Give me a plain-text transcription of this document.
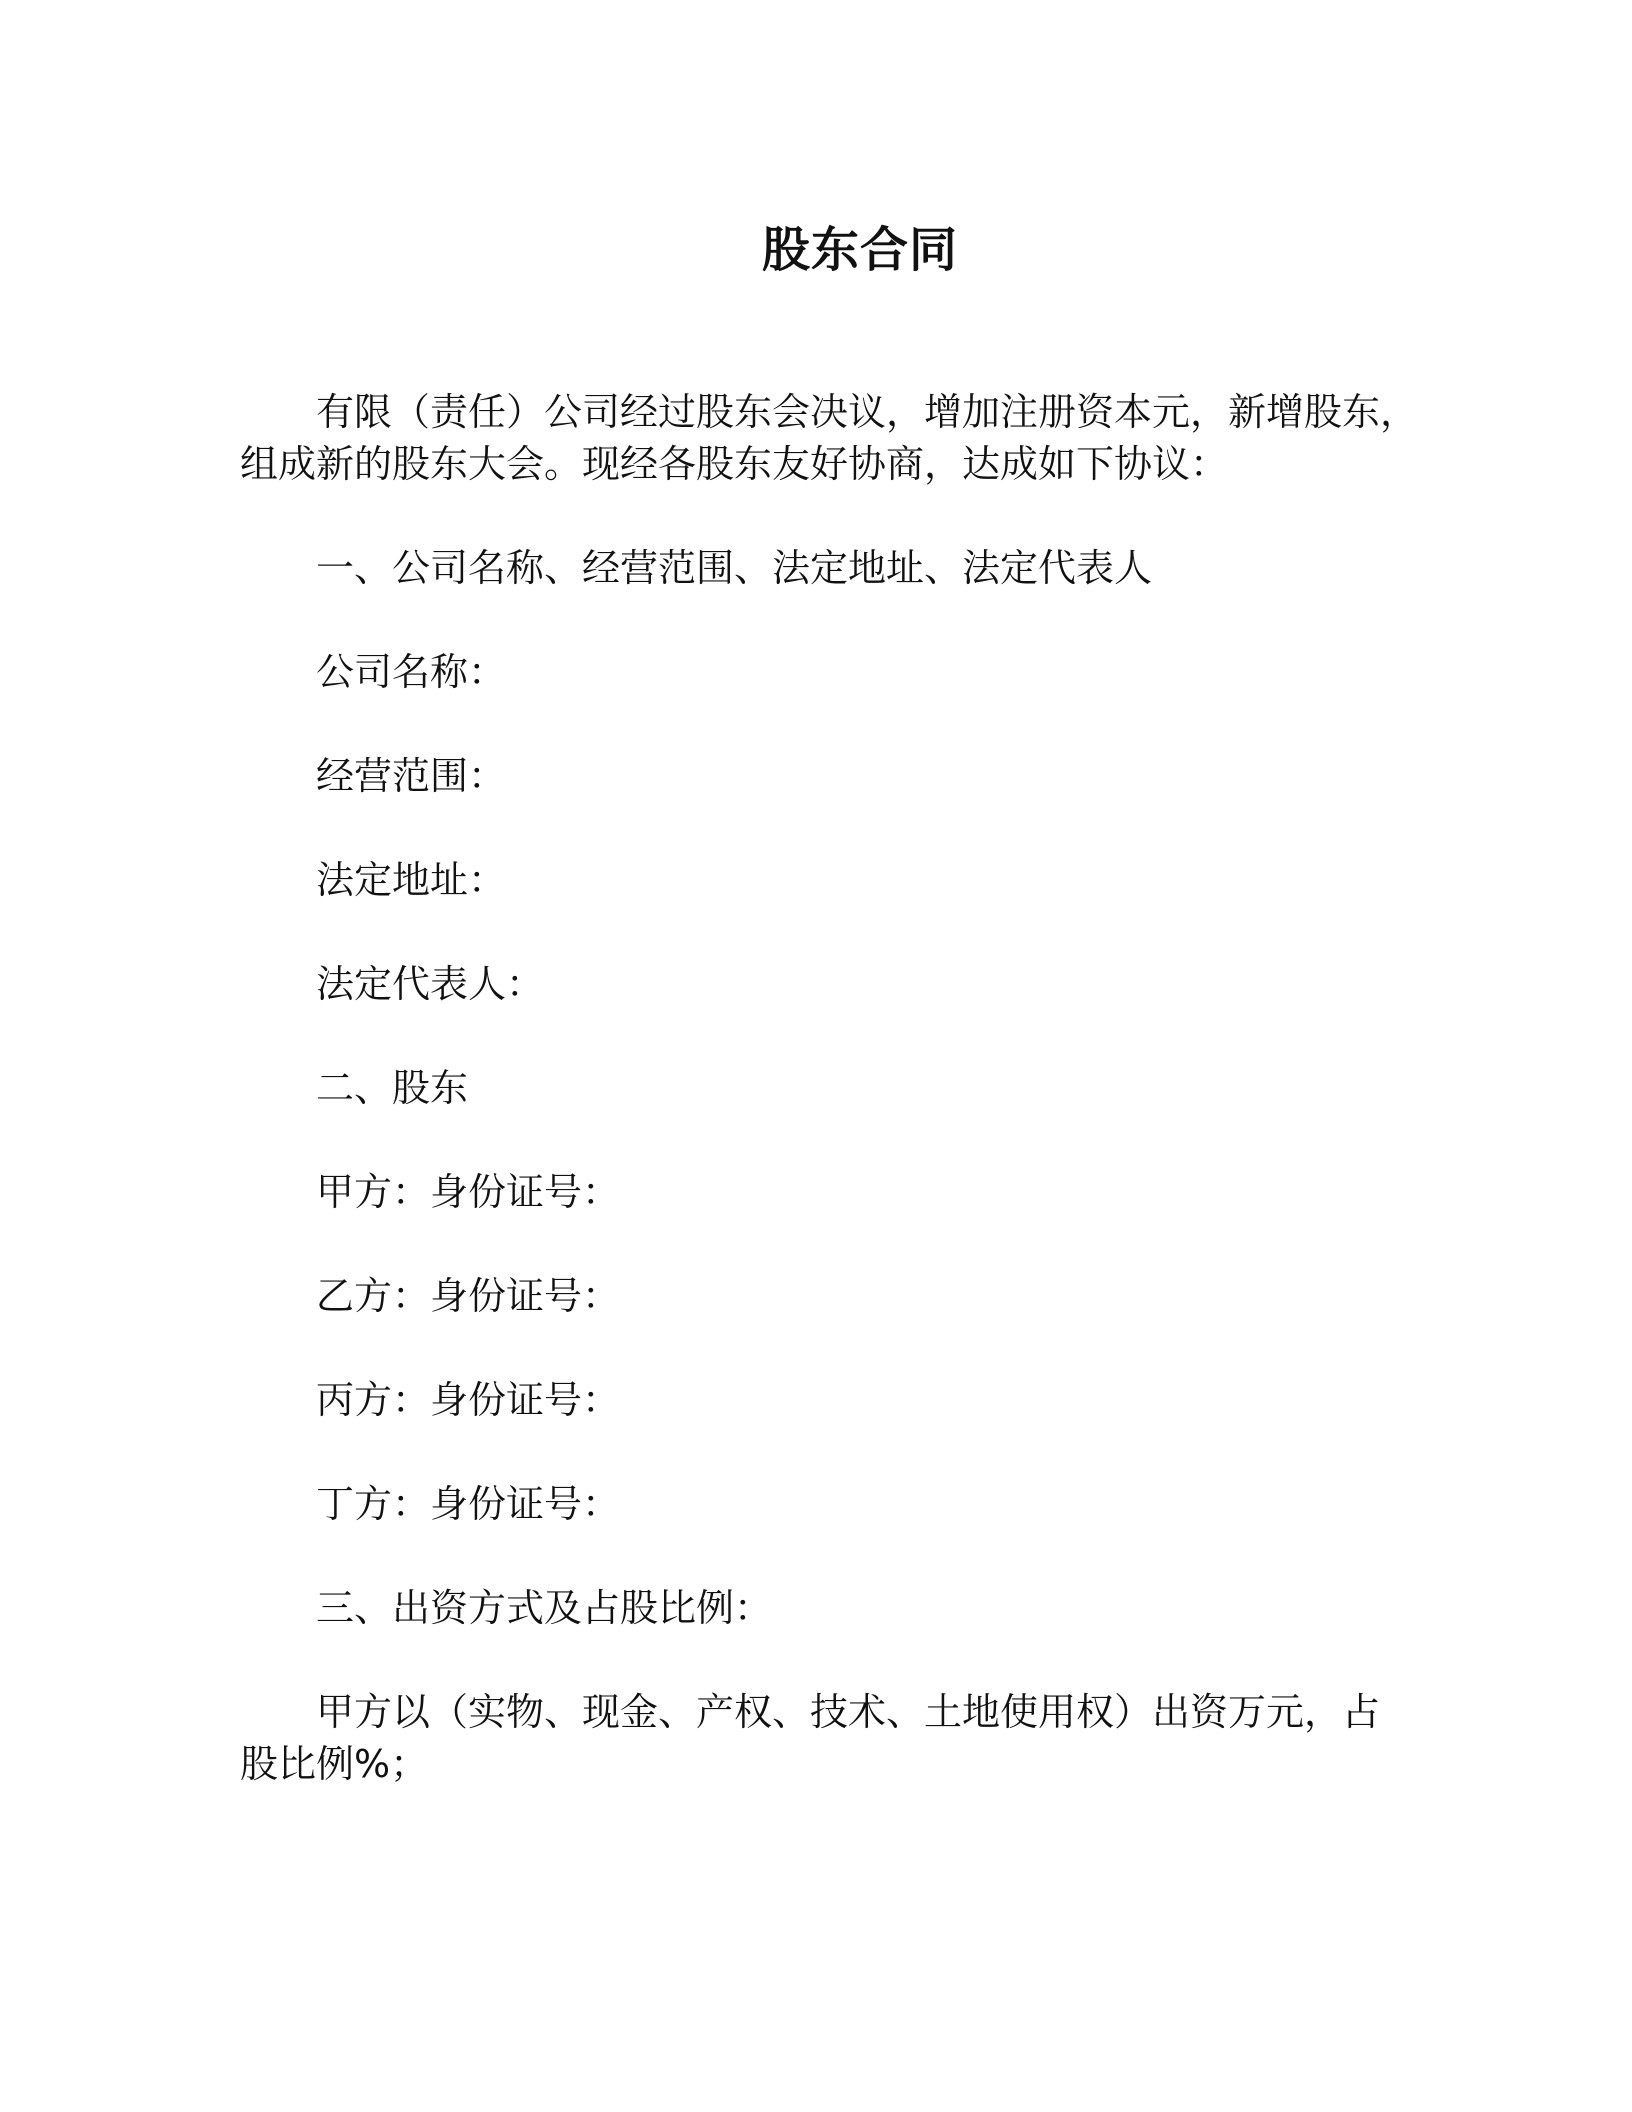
股东合同
有限（责任）公司经过股东会决议，增加注册资本元，新增股东，
组成新的股东大会。现经各股东友好协商，达成如下协议：
一、公司名称、经营范围、法定地址、法定代表人
公司名称：
经营范围：
法定地址：
法定代表人：
二、股东
甲方：身份证号：
乙方：身份证号：
丙方：身份证号：
丁方：身份证号：
三、出资方式及占股比例：
甲方以（实物、现金、产权、技术、土地使用权）出资万元，占
股比例%；
